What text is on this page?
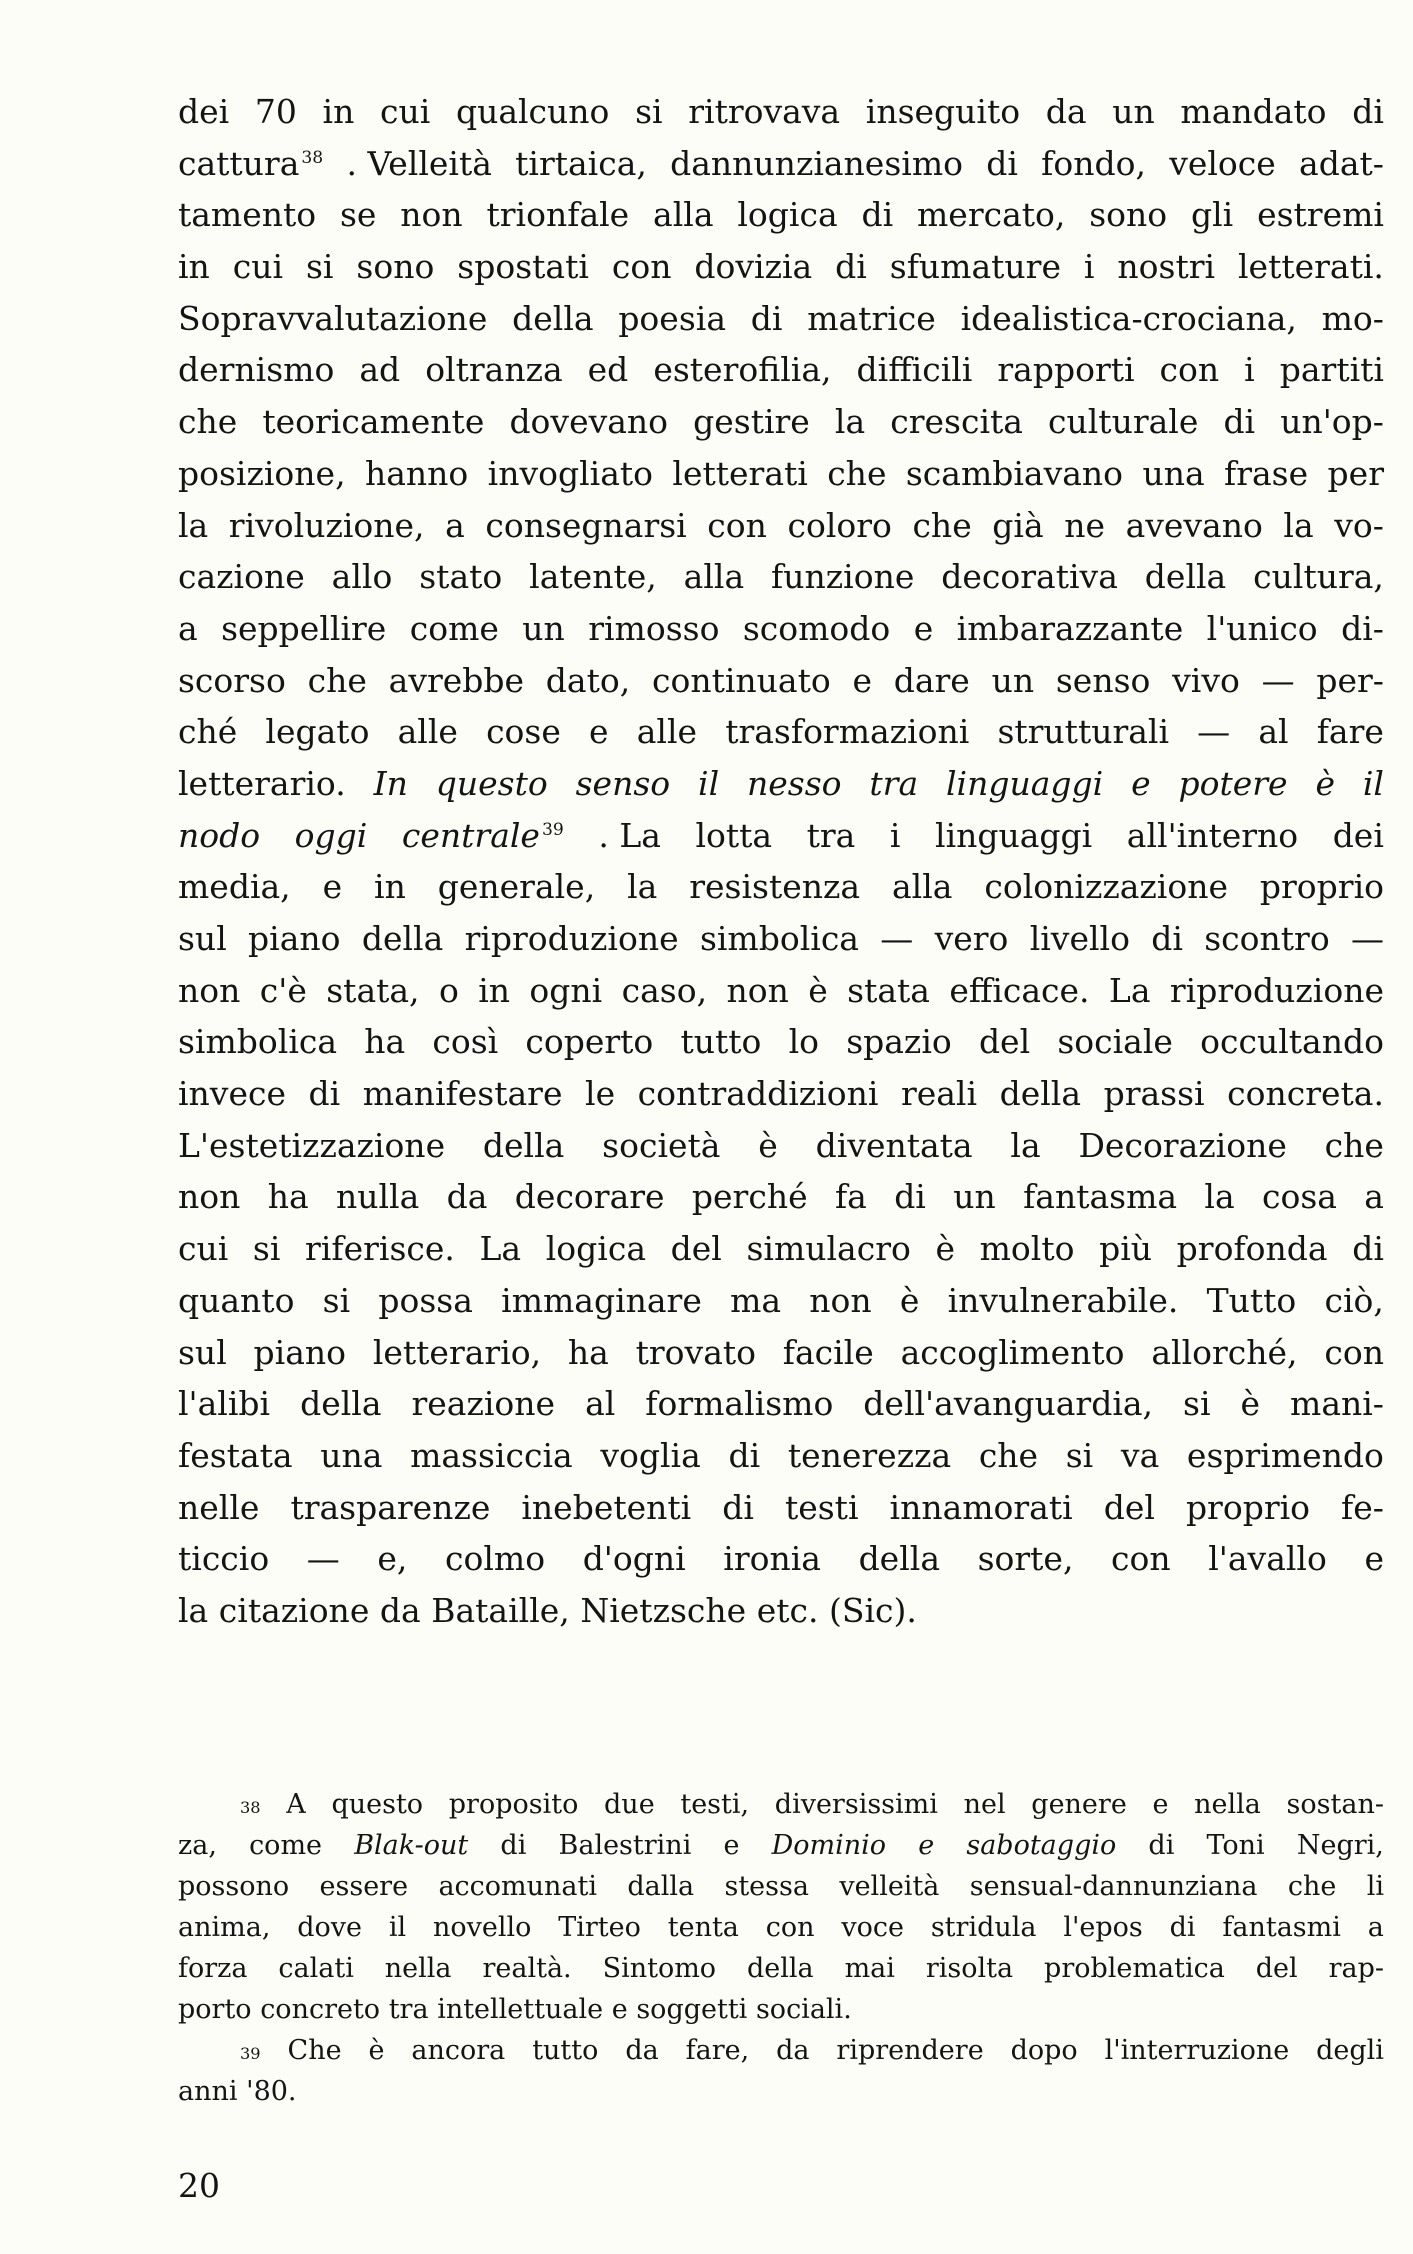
dei 70 in cui qualcuno si ritrovava inseguito da un mandato di
cattura $^{38}$ . Velleità tirtaica, dannunzianesimo di fondo, veloce adat-
tamento se non trionfale alla logica di mercato, sono gli estremi
in cui si sono spostati con dovizia di sfumature i nostri letterati.
Sopravvalutazione della poesia di matrice idealistica-crociana, mo-
dernismo ad oltranza ed esterofilia, difficili rapporti con i partiti
che teoricamente dovevano gestire la crescita culturale di un'op-
posizione, hanno invogliato letterati che scambiavano una frase per
la rivoluzione, a consegnarsi con coloro che già ne avevano la vo-
cazione allo stato latente, alla funzione decorativa della cultura,
a seppellire come un rimosso scomodo e imbarazzante l'unico di-
scorso che avrebbe dato, continuato e dare un senso vivo — per-
ché legato alle cose e alle trasformazioni strutturali — al fare
letterario. In questo senso il nesso tra linguaggi e potere è il
nodo oggi centrale $^{39}$ . La lotta tra i linguaggi all'interno dei
media, e in generale, la resistenza alla colonizzazione proprio
sul piano della riproduzione simbolica — vero livello di scontro —
non c'è stata, o in ogni caso, non è stata efficace. La riproduzione
simbolica ha così coperto tutto lo spazio del sociale occultando
invece di manifestare le contraddizioni reali della prassi concreta.
L'estetizzazione della società è diventata la Decorazione che
non ha nulla da decorare perché fa di un fantasma la cosa a
cui si riferisce. La logica del simulacro è molto più profonda di
quanto si possa immaginare ma non è invulnerabile. Tutto ciò,
sul piano letterario, ha trovato facile accoglimento allorché, con
l'alibi della reazione al formalismo dell'avanguardia, si è mani-
festata una massiccia voglia di tenerezza che si va esprimendo
nelle trasparenze inebetenti di testi innamorati del proprio fe-
ticcio — e, colmo d'ogni ironia della sorte, con l'avallo e
la citazione da Bataille, Nietzsche etc. (Sic).
38 A questo proposito due testi, diversissimi nel genere e nella sostan-
za, come Blak-out di Balestrini e Dominio e sabotaggio di Toni Negri,
possono essere accomunati dalla stessa velleità sensual-dannunziana che li
anima, dove il novello Tirteo tenta con voce stridula l'epos di fantasmi a
forza calati nella realtà. Sintomo della mai risolta problematica del rap-
porto concreto tra intellettuale e soggetti sociali.
39 Che è ancora tutto da fare, da riprendere dopo l'interruzione degli
anni '80.
20
